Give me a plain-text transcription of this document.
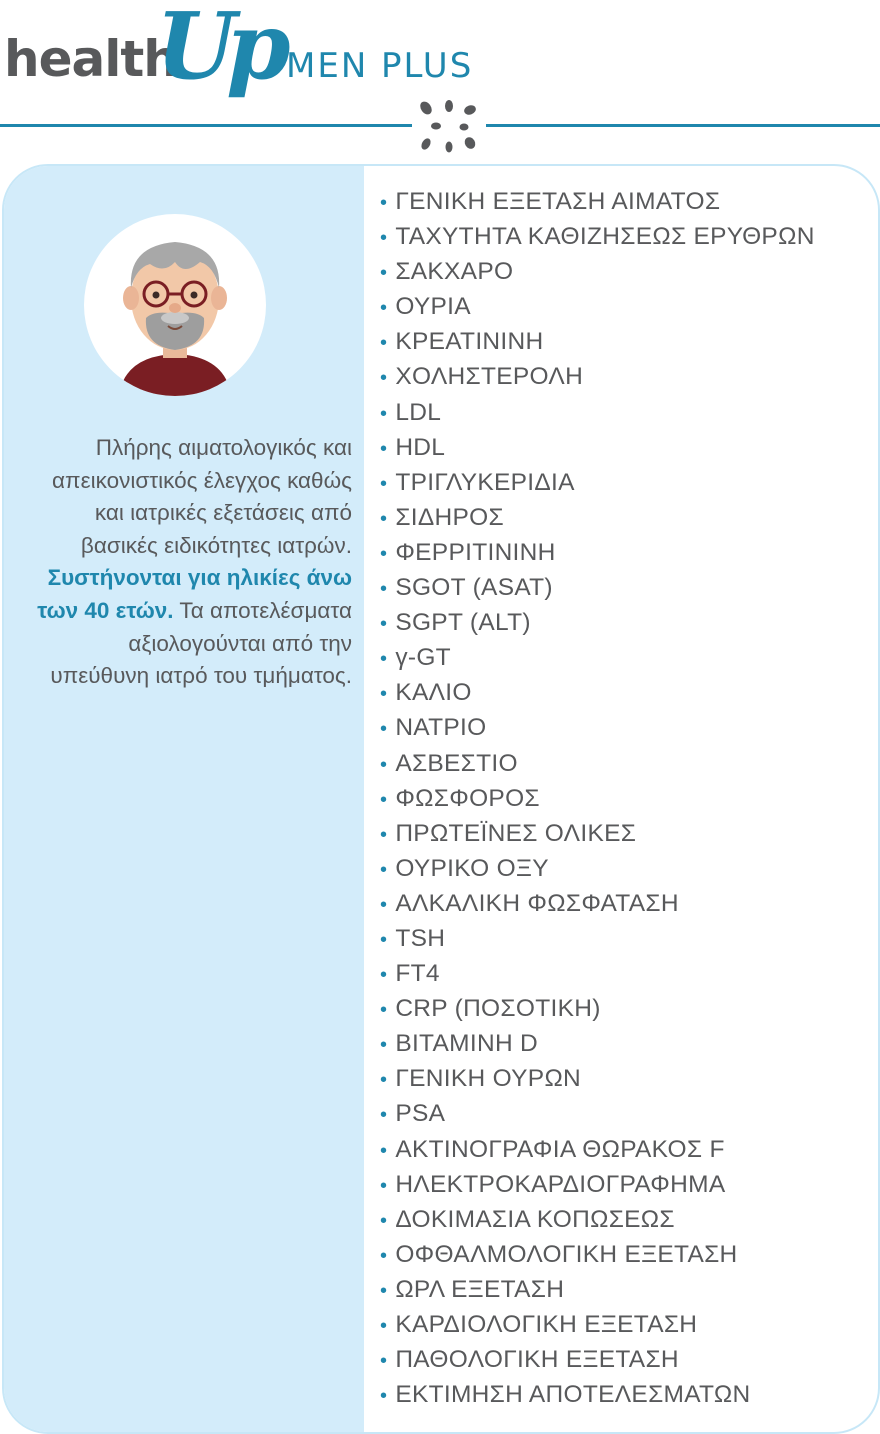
health
Up MEN PLUS
Πλήρης αιματολογικός και απεικονιστικός έλεγχος καθώς και ιατρικές εξετάσεις από βασικές ειδικότητες ιατρών. Συστήνονται για ηλικίες άνω των 40 ετών. Τα αποτελέσματα αξιολογούνται από την υπεύθυνη ιατρό του τμήματος.
• ΓΕΝΙΚΗ ΕΞΕΤΑΣΗ ΑΙΜΑΤΟΣ
• ΤΑΧΥΤΗΤΑ ΚΑΘΙΖΗΣΕΩΣ ΕΡΥΘΡΩΝ
• ΣΑΚΧΑΡΟ
• ΟΥΡΙΑ
• ΚΡΕΑΤΙΝΙΝΗ
• ΧΟΛΗΣΤΕΡΟΛΗ
• LDL
• HDL
• ΤΡΙΓΛΥΚΕΡΙΔΙΑ
• ΣΙΔΗΡΟΣ
• ΦΕΡΡΙΤΙΝΙΝΗ
• SGOT (ASAT)
• SGPT (ALT)
• γ-GT
• ΚΑΛΙΟ
• ΝΑΤΡΙΟ
• ΑΣΒΕΣΤΙΟ
• ΦΩΣΦΟΡΟΣ
• ΠΡΩΤΕΪΝΕΣ ΟΛΙΚΕΣ
• ΟΥΡΙΚΟ ΟΞΥ
• ΑΛΚΑΛΙΚΗ ΦΩΣΦΑΤΑΣΗ
• TSH
• FT4
• CRP (ΠΟΣΟΤΙΚΗ)
• ΒΙΤΑΜΙΝΗ D
• ΓΕΝΙΚΗ ΟΥΡΩΝ
• PSA
• ΑΚΤΙΝΟΓΡΑΦΙΑ ΘΩΡΑΚΟΣ F
• ΗΛΕΚΤΡΟΚΑΡΔΙΟΓΡΑΦΗΜΑ
• ΔΟΚΙΜΑΣΙΑ ΚΟΠΩΣΕΩΣ
• ΟΦΘΑΛΜΟΛΟΓΙΚΗ ΕΞΕΤΑΣΗ
• ΩΡΛ ΕΞΕΤΑΣΗ
• ΚΑΡΔΙΟΛΟΓΙΚΗ ΕΞΕΤΑΣΗ
• ΠΑΘΟΛΟΓΙΚΗ ΕΞΕΤΑΣΗ
• ΕΚΤΙΜΗΣΗ ΑΠΟΤΕΛΕΣΜΑΤΩΝ
